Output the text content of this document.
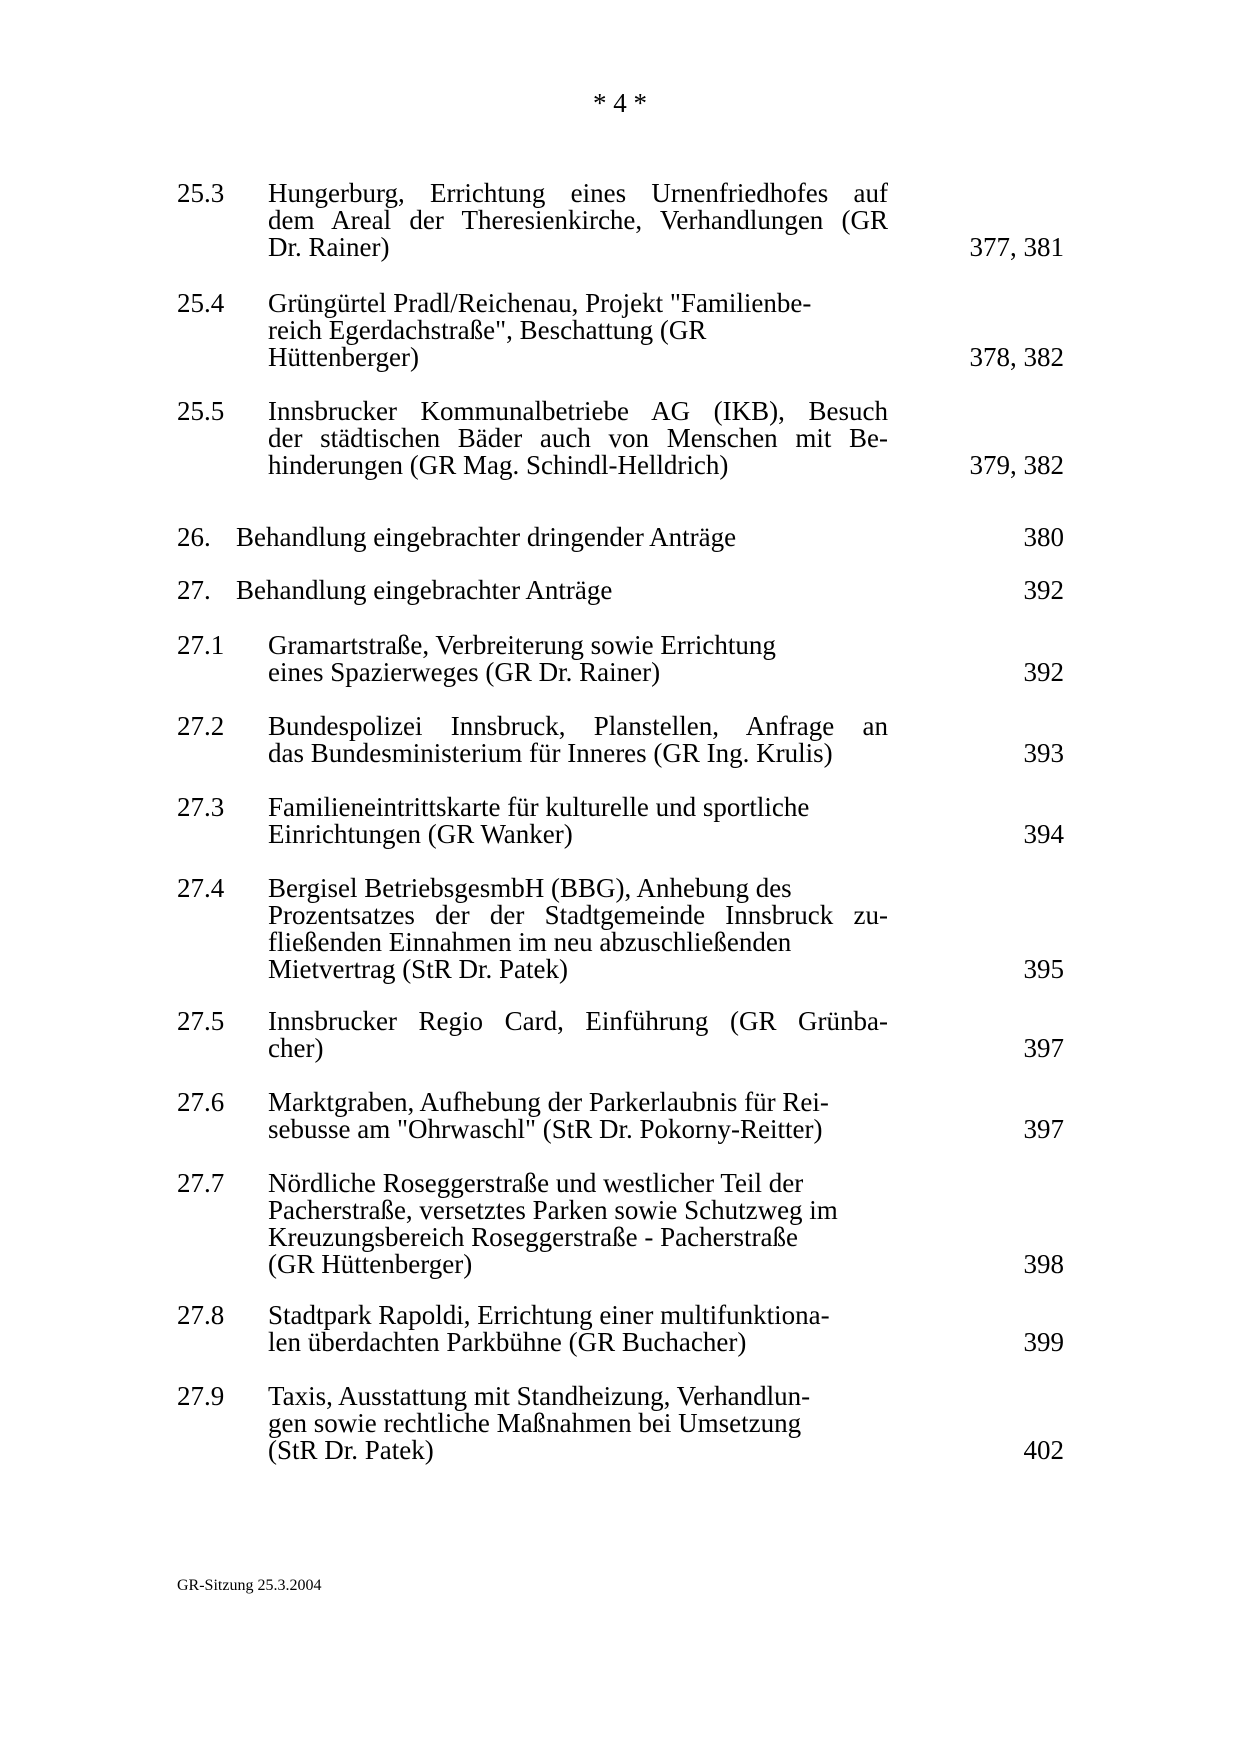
* 4 *
25.3 Hungerburg, Errichtung eines Urnenfriedhofes auf
dem Areal der Theresienkirche, Verhandlungen (GR
Dr. Rainer)	377, 381
25.4 Grüngürtel Pradl/Reichenau, Projekt "Familienbe-
reich Egerdachstraße", Beschattung (GR
Hüttenberger)	378, 382
25.5 Innsbrucker Kommunalbetriebe AG (IKB), Besuch
der städtischen Bäder auch von Menschen mit Be-
hinderungen (GR Mag. Schindl-Helldrich)	379, 382
26. Behandlung eingebrachter dringender Anträge	380
27. Behandlung eingebrachter Anträge	392
27.1 Gramartstraße, Verbreiterung sowie Errichtung
eines Spazierweges (GR Dr. Rainer)	392
27.2 Bundespolizei Innsbruck, Planstellen, Anfrage an
das Bundesministerium für Inneres (GR Ing. Krulis)	393
27.3 Familieneintrittskarte für kulturelle und sportliche
Einrichtungen (GR Wanker)	394
27.4 Bergisel BetriebsgesmbH (BBG), Anhebung des
Prozentsatzes der der Stadtgemeinde Innsbruck zu-
fließenden Einnahmen im neu abzuschließenden
Mietvertrag (StR Dr. Patek)	395
27.5 Innsbrucker Regio Card, Einführung (GR Grünba-
cher)	397
27.6 Marktgraben, Aufhebung der Parkerlaubnis für Rei-
sebusse am "Ohrwaschl" (StR Dr. Pokorny-Reitter)	397
27.7 Nördliche Roseggerstraße und westlicher Teil der
Pacherstraße, versetztes Parken sowie Schutzweg im
Kreuzungsbereich Roseggerstraße - Pacherstraße
(GR Hüttenberger)	398
27.8 Stadtpark Rapoldi, Errichtung einer multifunktiona-
len überdachten Parkbühne (GR Buchacher)	399
27.9 Taxis, Ausstattung mit Standheizung, Verhandlun-
gen sowie rechtliche Maßnahmen bei Umsetzung
(StR Dr. Patek)	402
GR-Sitzung 25.3.2004
